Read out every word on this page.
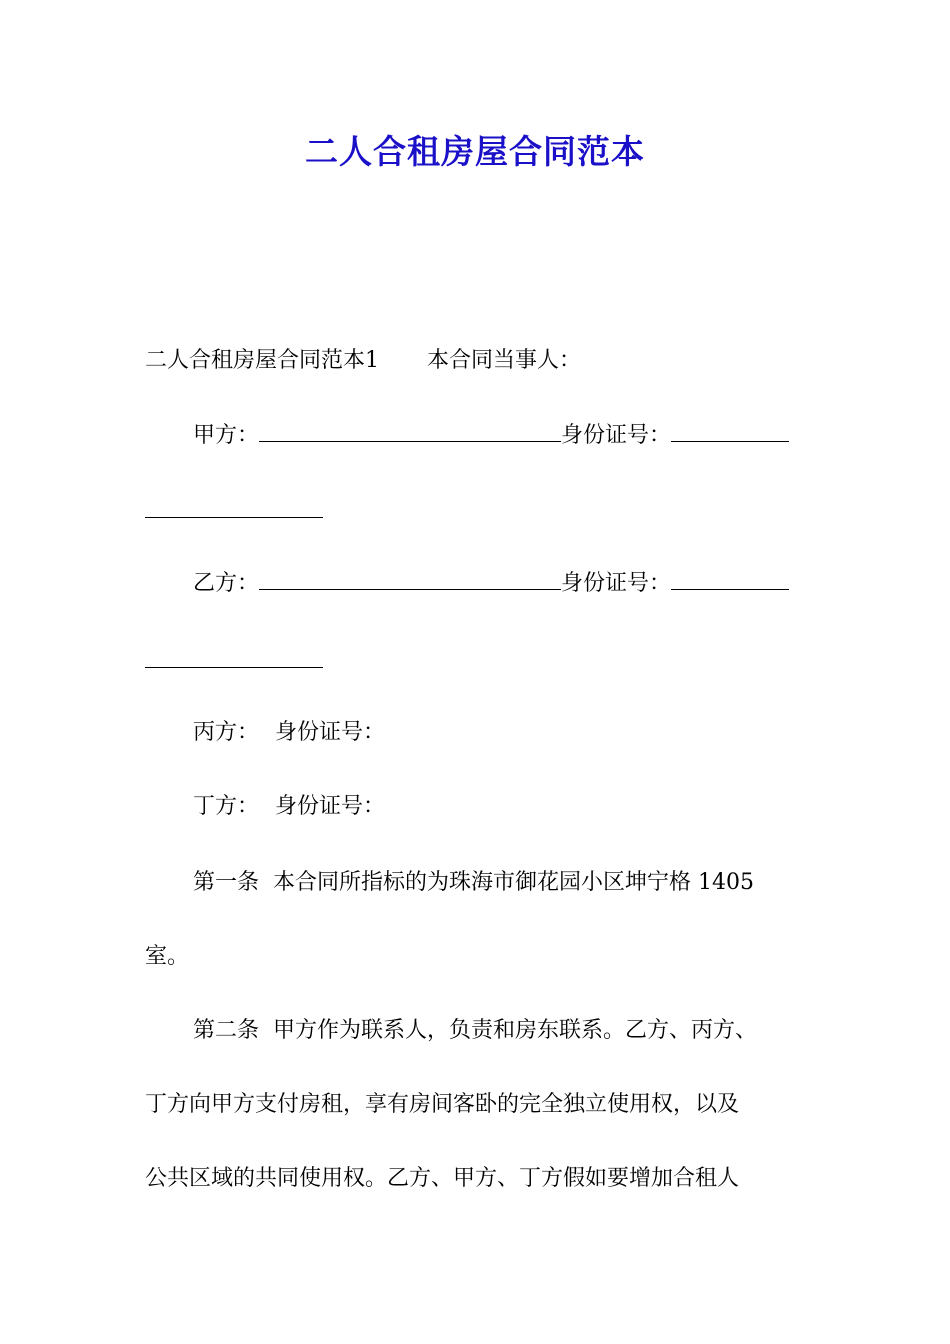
二人合租房屋合同范本
二人合租房屋合同范本1 本合同当事人：
甲方：	身份证号：
乙方：	身份证号：
丙方： 身份证号：
丁方： 身份证号：
第一条  本合同所指标的为珠海市御花园小区坤宁格 1405
室。
第二条  甲方作为联系人，负责和房东联系。乙方、丙方、
丁方向甲方支付房租，享有房间客卧的完全独立使用权，以及
公共区域的共同使用权。乙方、甲方、丁方假如要增加合租人
